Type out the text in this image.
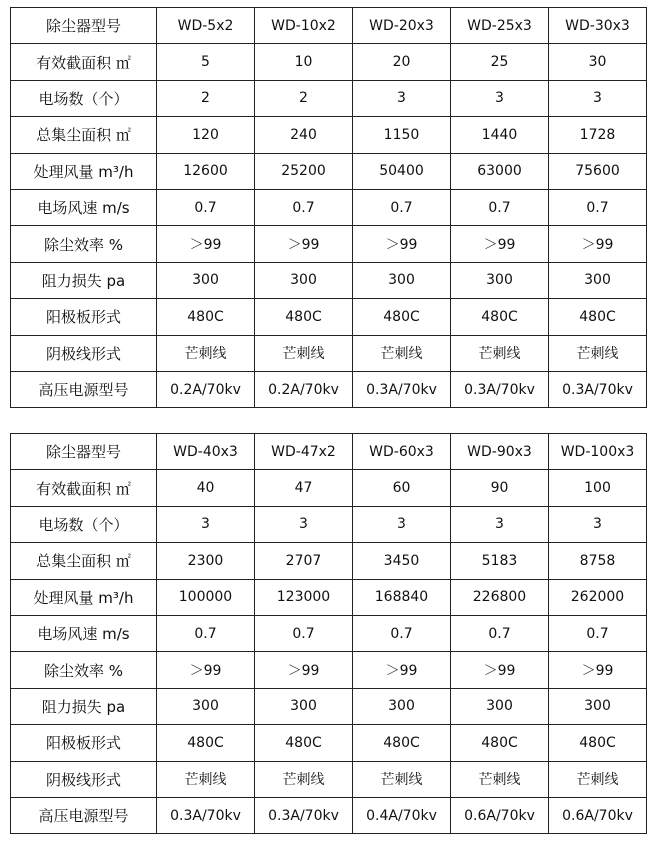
除尘器型号	WD-5x2	WD-10x2	WD-20x3	WD-25x3	WD-30x3
有效截面积 ㎡	5	10	20	25	30
电场数（个）	2	2	3	3	3
总集尘面积 ㎡	120	240	1150	1440	1728
处理风量 m³/h	12600	25200	50400	63000	75600
电场风速 m/s	0.7	0.7	0.7	0.7	0.7
除尘效率 %	＞99	＞99	＞99	＞99	＞99
阻力损失 pa	300	300	300	300	300
阳极板形式	480C	480C	480C	480C	480C
阴极线形式	芒刺线	芒刺线	芒刺线	芒刺线	芒刺线
高压电源型号	0.2A/70kv	0.2A/70kv	0.3A/70kv	0.3A/70kv	0.3A/70kv
除尘器型号	WD-40x3	WD-47x2	WD-60x3	WD-90x3	WD-100x3
有效截面积 ㎡	40	47	60	90	100
电场数（个）	3	3	3	3	3
总集尘面积 ㎡	2300	2707	3450	5183	8758
处理风量 m³/h	100000	123000	168840	226800	262000
电场风速 m/s	0.7	0.7	0.7	0.7	0.7
除尘效率 %	＞99	＞99	＞99	＞99	＞99
阻力损失 pa	300	300	300	300	300
阳极板形式	480C	480C	480C	480C	480C
阴极线形式	芒刺线	芒刺线	芒刺线	芒刺线	芒刺线
高压电源型号	0.3A/70kv	0.3A/70kv	0.4A/70kv	0.6A/70kv	0.6A/70kv
